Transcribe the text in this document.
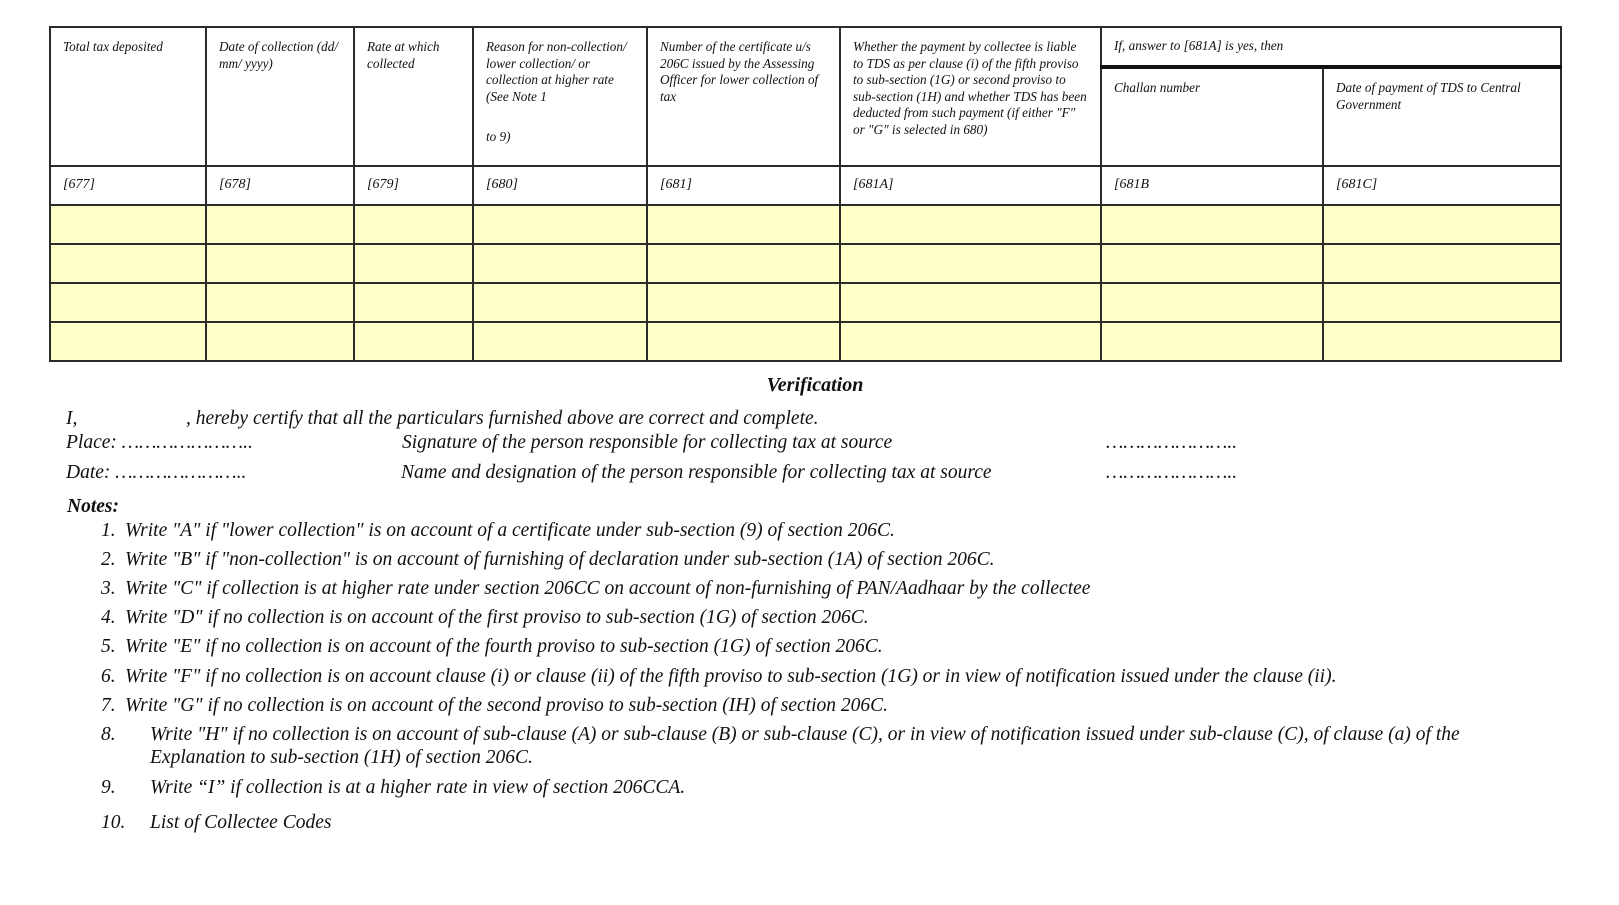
Total tax deposited	Date of collection (dd/ mm/ yyyy)	Rate at which collected	Reason for non-collection/ lower collection/ or collection at higher rate (See Note 1
to 9)	Number of the certificate u/s 206C issued by the Assessing Officer for lower collection of tax	Whether the payment by collectee is liable to TDS as per clause (i) of the fifth proviso to sub-section (1G) or second proviso to sub-section (1H) and whether TDS has been deducted from such payment (if either "F" or "G" is selected in 680)	If, answer to [681A] is yes, then	
						Challan number	Date of payment of TDS to Central Government
[677]	[678]	[679]	[680]	[681]	[681A]	[681B	[681C]

Verification
I,	, hereby certify that all the particulars furnished above are correct and complete.
Place: …………………..	Signature of the person responsible for collecting tax at source	…………………..
Date: …………………..	Name and designation of the person responsible for collecting tax at source	…………………..
Notes:
1. Write "A" if "lower collection" is on account of a certificate under sub-section (9) of section 206C.
2. Write "B" if "non-collection" is on account of furnishing of declaration under sub-section (1A) of section 206C.
3. Write "C" if collection is at higher rate under section 206CC on account of non-furnishing of PAN/Aadhaar by the collectee
4. Write "D" if no collection is on account of the first proviso to sub-section (1G) of section 206C.
5. Write "E" if no collection is on account of the fourth proviso to sub-section (1G) of section 206C.
6. Write "F" if no collection is on account clause (i) or clause (ii) of the fifth proviso to sub-section (1G) or in view of notification issued under the clause (ii).
7. Write "G" if no collection is on account of the second proviso to sub-section (IH) of section 206C.
8. Write "H" if no collection is on account of sub-clause (A) or sub-clause (B) or sub-clause (C), or in view of notification issued under sub-clause (C), of clause (a) of the
Explanation to sub-section (1H) of section 206C.
9. Write “I” if collection is at a higher rate in view of section 206CCA.
10. List of Collectee Codes
